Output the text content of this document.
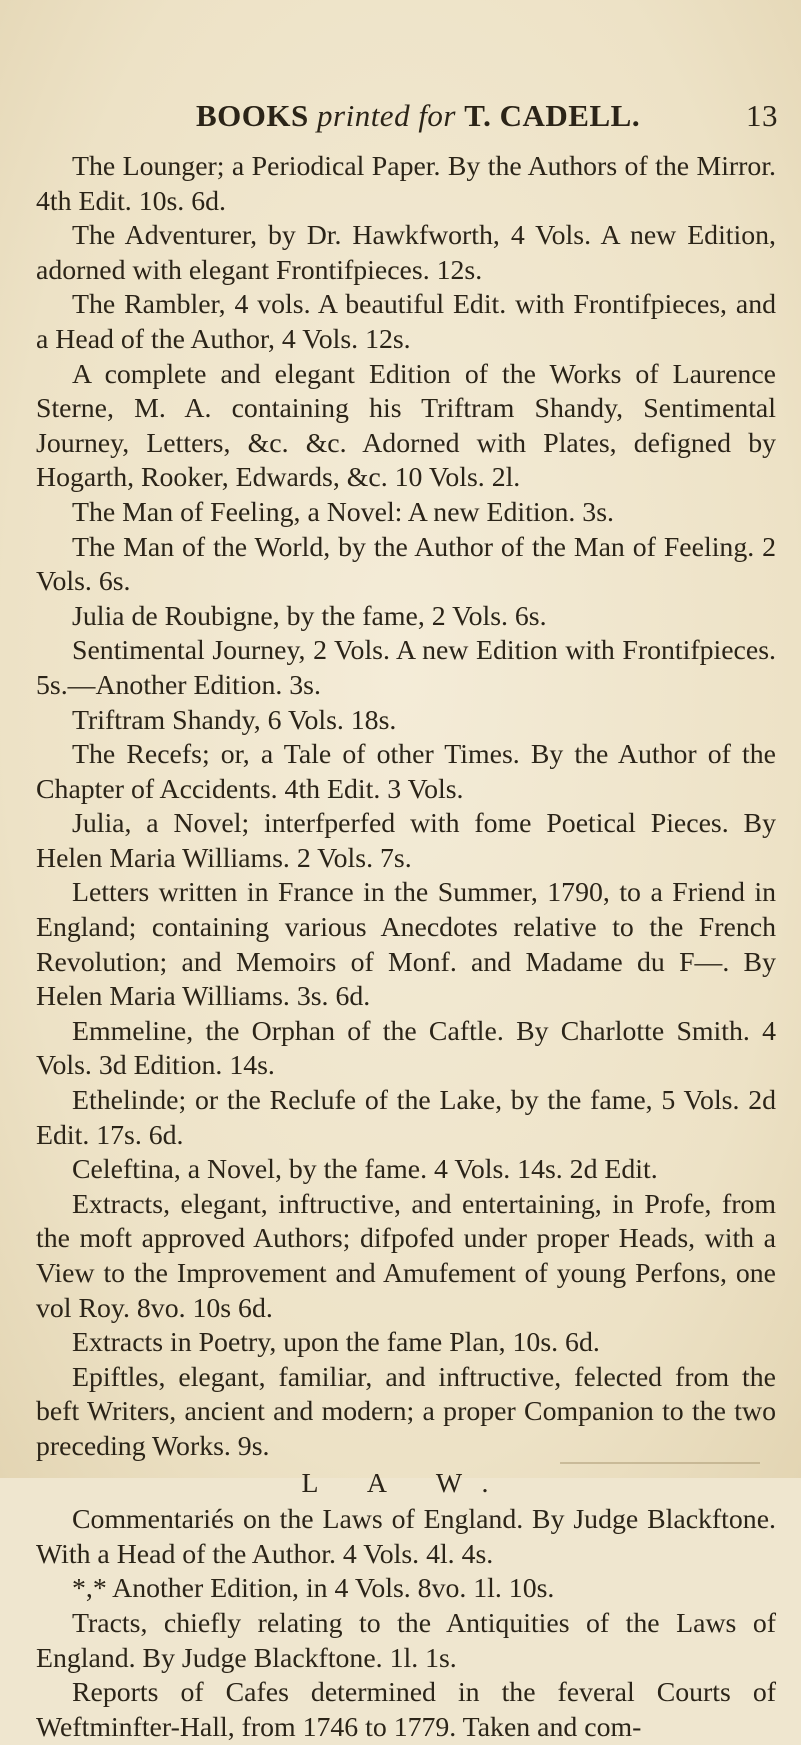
BOOKS printed for T. CADELL.	13

The Lounger; a Periodical Paper. By the Authors of the Mirror. 4th Edit. 10s. 6d.

The Adventurer, by Dr. Hawkfworth, 4 Vols. A new Edition, adorned with elegant Frontifpieces. 12s.

The Rambler, 4 vols. A beautiful Edit. with Frontifpieces, and a Head of the Author, 4 Vols. 12s.

A complete and elegant Edition of the Works of Laurence Sterne, M. A. containing his Triftram Shandy, Sentimental Journey, Letters, &c. &c. Adorned with Plates, defigned by Hogarth, Rooker, Edwards, &c. 10 Vols. 2l.

The Man of Feeling, a Novel: A new Edition. 3s.

The Man of the World, by the Author of the Man of Feeling. 2 Vols. 6s.

Julia de Roubigne, by the fame, 2 Vols. 6s.

Sentimental Journey, 2 Vols. A new Edition with Frontifpieces. 5s.—Another Edition. 3s.

Triftram Shandy, 6 Vols. 18s.

The Recefs; or, a Tale of other Times. By the Author of the Chapter of Accidents. 4th Edit. 3 Vols.

Julia, a Novel; interfperfed with fome Poetical Pieces. By Helen Maria Williams. 2 Vols. 7s.

Letters written in France in the Summer, 1790, to a Friend in England; containing various Anecdotes relative to the French Revolution; and Memoirs of Monf. and Madame du F—. By Helen Maria Williams. 3s. 6d.

Emmeline, the Orphan of the Caftle. By Charlotte Smith. 4 Vols. 3d Edition. 14s.

Ethelinde; or the Reclufe of the Lake, by the fame, 5 Vols. 2d Edit. 17s. 6d.

Celeftina, a Novel, by the fame. 4 Vols. 14s. 2d Edit.

Extracts, elegant, inftructive, and entertaining, in Profe, from the moft approved Authors; difpofed under proper Heads, with a View to the Improvement and Amufement of young Perfons, one vol Roy. 8vo. 10s 6d.

Extracts in Poetry, upon the fame Plan, 10s. 6d.

Epiftles, elegant, familiar, and inftructive, felected from the beft Writers, ancient and modern; a proper Companion to the two preceding Works. 9s.

L A W.

Commentariés on the Laws of England. By Judge Blackftone. With a Head of the Author. 4 Vols. 4l. 4s.

*,* Another Edition, in 4 Vols. 8vo. 1l. 10s.

Tracts, chiefly relating to the Antiquities of the Laws of England. By Judge Blackftone. 1l. 1s.

Reports of Cafes determined in the feveral Courts of Weftminfter-Hall, from 1746 to 1779. Taken and com-
